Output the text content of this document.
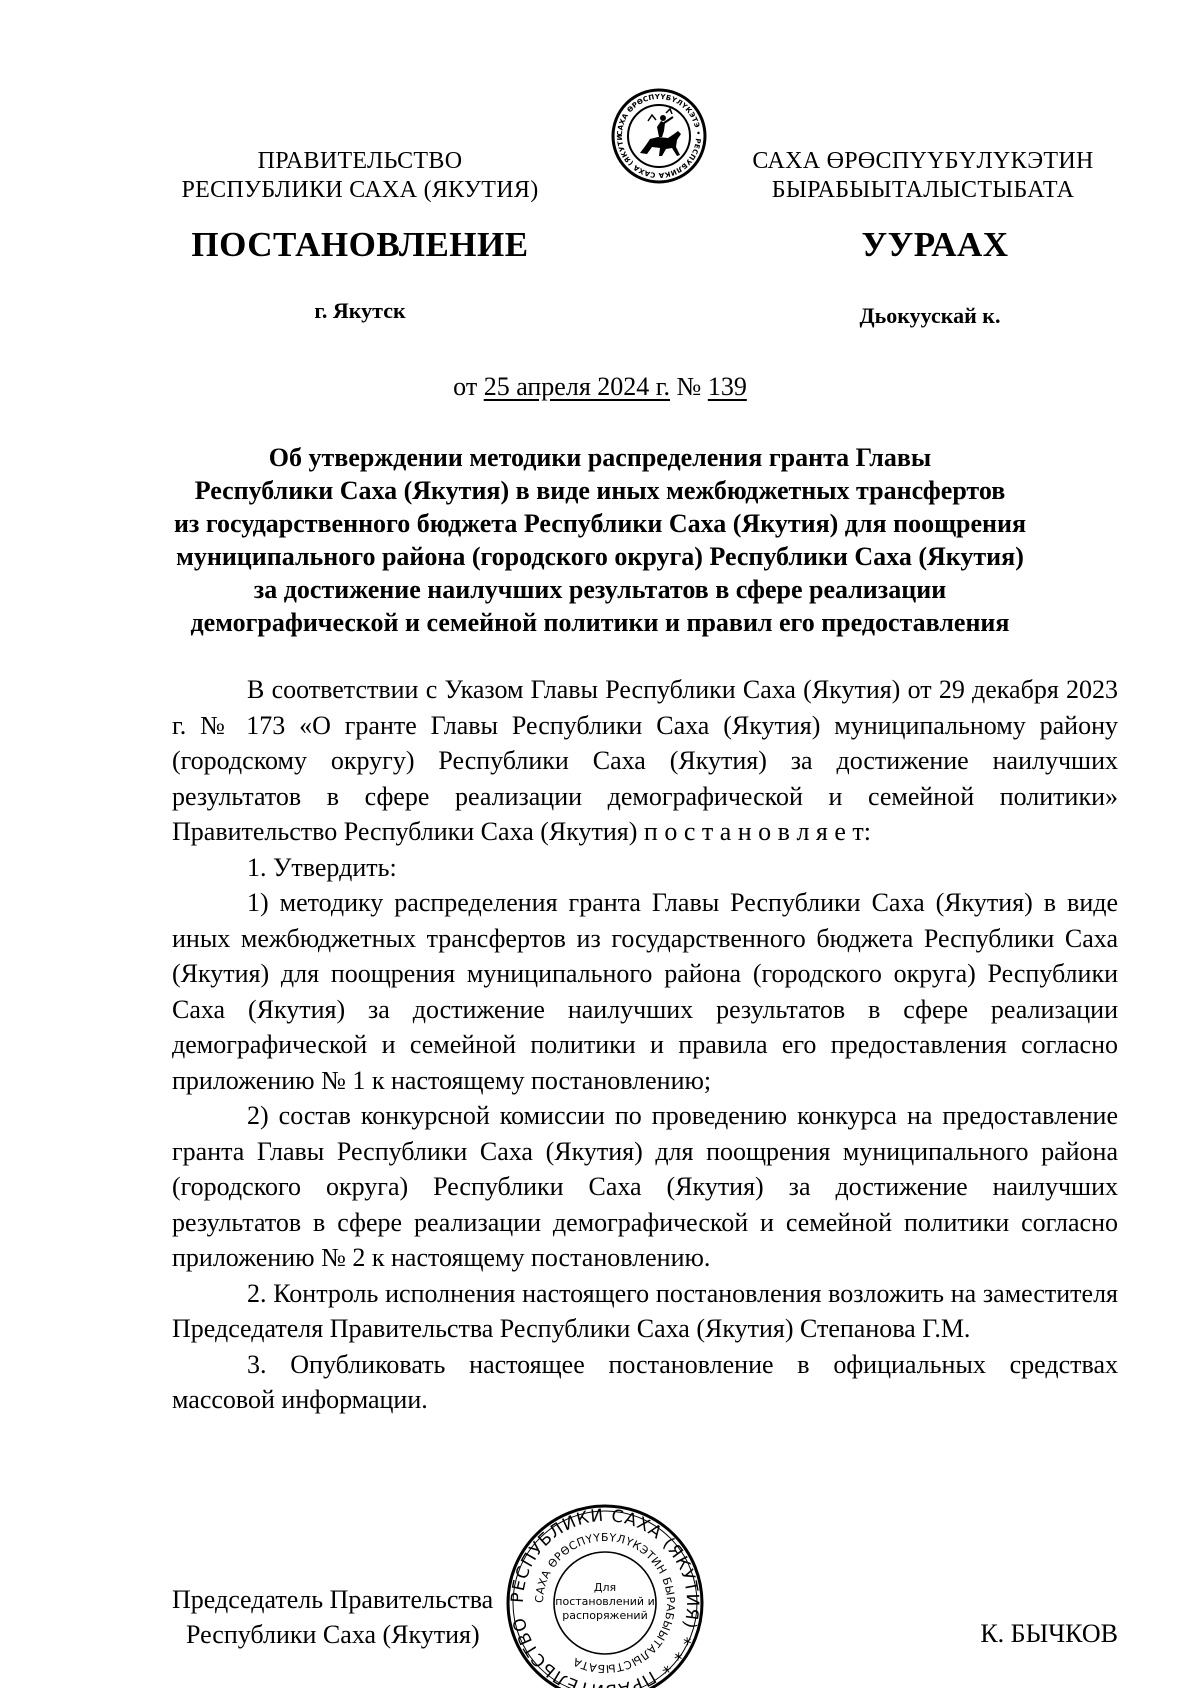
САХА ӨРӨСПҮҮБҮЛҮКЭТЭ • РЕСПУБЛИКА САХА (ЯКУТИ
ПРАВИТЕЛЬСТВО
РЕСПУБЛИКИ САХА (ЯКУТИЯ)
САХА ӨРӨСПҮҮБҮЛҮКЭТИН
БЫРАБЫЫТАЛЫСТЫБАТА
ПОСТАНОВЛЕНИЕ	УУРААХ
г. Якутск	Дьокуускай к.
от 25 апреля 2024 г. № 139
Об утверждении методики распределения гранта Главы
Республики Саха (Якутия) в виде иных межбюджетных трансфертов
из государственного бюджета Республики Саха (Якутия) для поощрения
муниципального района (городского округа) Республики Саха (Якутия)
за достижение наилучших результатов в сфере реализации
демографической и семейной политики и правил его предоставления

В соответствии с Указом Главы Республики Саха (Якутия) от 29 декабря 2023 г. № 173 «О гранте Главы Республики Саха (Якутия) муниципальному району (городскому округу) Республики Саха (Якутия) за достижение наилучших результатов в сфере реализации демографической и семейной политики» Правительство Республики Саха (Якутия) п о с т а н о в л я е т:

1. Утвердить:

1) методику распределения гранта Главы Республики Саха (Якутия) в виде иных межбюджетных трансфертов из государственного бюджета Республики Саха (Якутия) для поощрения муниципального района (городского округа) Республики Саха (Якутия) за достижение наилучших результатов в сфере реализации демографической и семейной политики и правила его предоставления согласно приложению № 1 к настоящему постановлению;

2) состав конкурсной комиссии по проведению конкурса на предоставление гранта Главы Республики Саха (Якутия) для поощрения муниципального района (городского округа) Республики Саха (Якутия) за достижение наилучших результатов в сфере реализации демографической и семейной политики согласно приложению № 2 к настоящему постановлению.

2. Контроль исполнения настоящего постановления возложить на заместителя Председателя Правительства Республики Саха (Якутия) Степанова Г.М.

3. Опубликовать настоящее постановление в официальных средствах массовой информации.

Председатель Правительства
Республики Саха (Якутия)	К. БЫЧКОВ
РЕСПУБЛИКИ САХА (ЯКУТИЯ) * * * ПРА ТЕЛЬСТВО
САХА ӨРӨСПҮҮБҮЛҮКЭТИН БЫРАБЫЫТАЛЫСТЫБАТА
Для
постановлений и
распоряжений
